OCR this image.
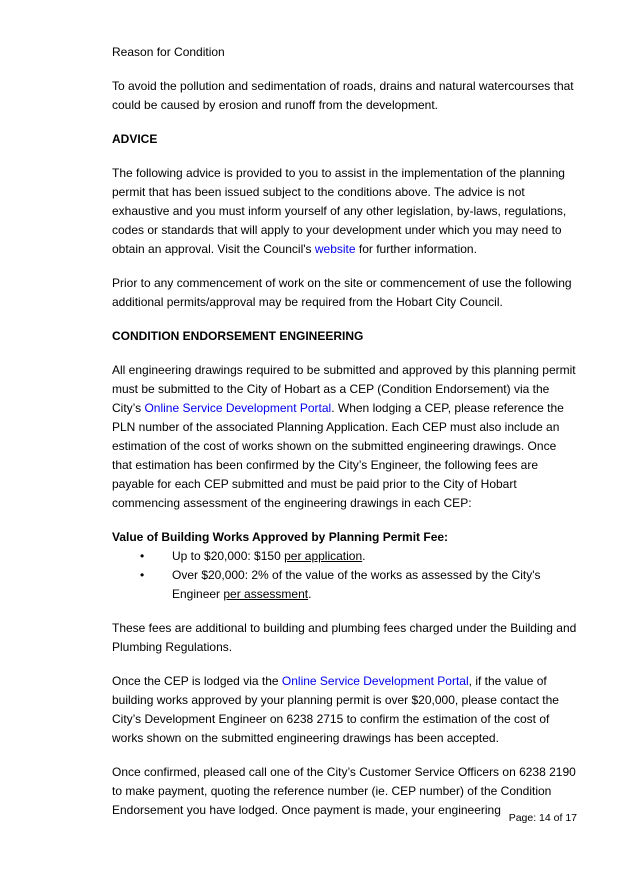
Reason for Condition

To avoid the pollution and sedimentation of roads, drains and natural watercourses that could be caused by erosion and runoff from the development.

ADVICE

The following advice is provided to you to assist in the implementation of the planning permit that has been issued subject to the conditions above. The advice is not exhaustive and you must inform yourself of any other legislation, by-laws, regulations, codes or standards that will apply to your development under which you may need to obtain an approval. Visit the Council's website for further information.

Prior to any commencement of work on the site or commencement of use the following additional permits/approval may be required from the Hobart City Council.

CONDITION ENDORSEMENT ENGINEERING

All engineering drawings required to be submitted and approved by this planning permit must be submitted to the City of Hobart as a CEP (Condition Endorsement) via the City’s Online Service Development Portal. When lodging a CEP, please reference the PLN number of the associated Planning Application. Each CEP must also include an estimation of the cost of works shown on the submitted engineering drawings. Once that estimation has been confirmed by the City’s Engineer, the following fees are payable for each CEP submitted and must be paid prior to the City of Hobart commencing assessment of the engineering drawings in each CEP:

Value of Building Works Approved by Planning Permit Fee:

•
Up to $20,000: $150 per application.
•
Over $20,000: 2% of the value of the works as assessed by the City's Engineer per assessment.

These fees are additional to building and plumbing fees charged under the Building and Plumbing Regulations.

Once the CEP is lodged via the Online Service Development Portal, if the value of building works approved by your planning permit is over $20,000, please contact the City’s Development Engineer on 6238 2715 to confirm the estimation of the cost of works shown on the submitted engineering drawings has been accepted.

Once confirmed, pleased call one of the City’s Customer Service Officers on 6238 2190 to make payment, quoting the reference number (ie. CEP number) of the Condition Endorsement you have lodged. Once payment is made, your engineering

Page: 14 of 17
